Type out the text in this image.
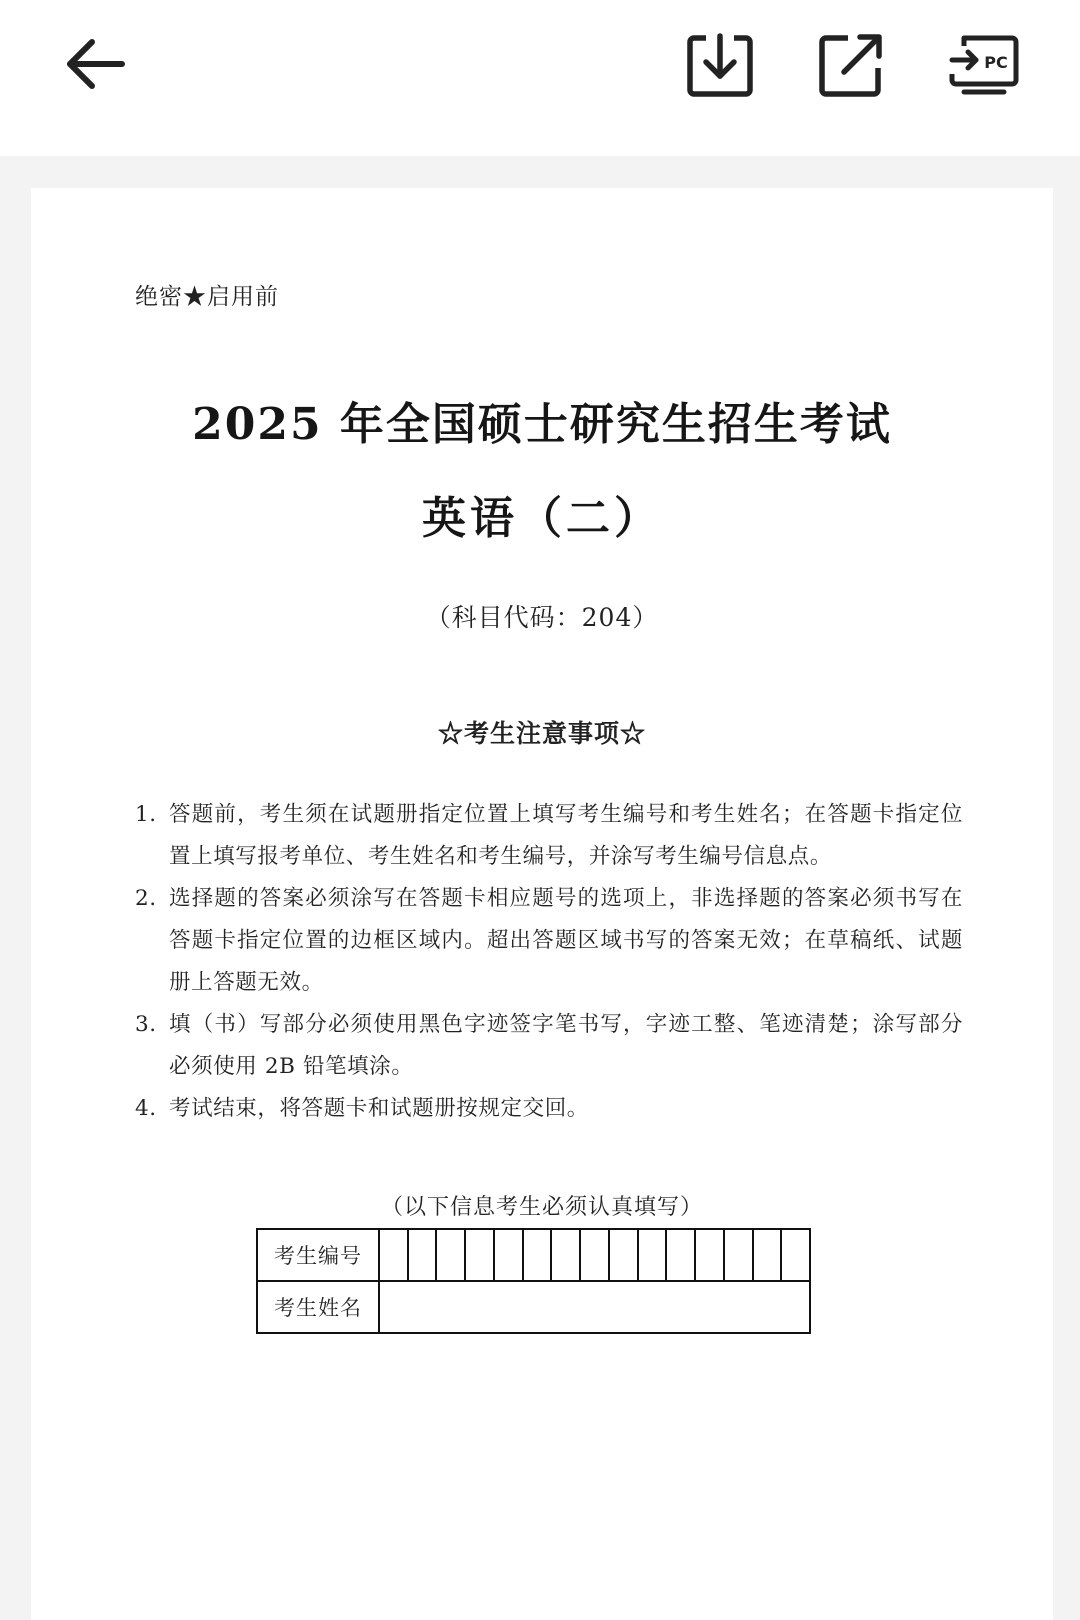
PC
绝密★启用前
2025 年全国硕士研究生招生考试
英语（二）
（科目代码：204）
☆考生注意事项☆
1. 答题前，考生须在试题册指定位置上填写考生编号和考生姓名；在答题卡指定位置上填写报考单位、考生姓名和考生编号，并涂写考生编号信息点。
2. 选择题的答案必须涂写在答题卡相应题号的选项上，非选择题的答案必须书写在答题卡指定位置的边框区域内。超出答题区域书写的答案无效；在草稿纸、试题册上答题无效。
3. 填（书）写部分必须使用黑色字迹签字笔书写，字迹工整、笔迹清楚；涂写部分必须使用 2B 铅笔填涂。
4. 考试结束，将答题卡和试题册按规定交回。
（以下信息考生必须认真填写）
考生编号	

考生姓名	
